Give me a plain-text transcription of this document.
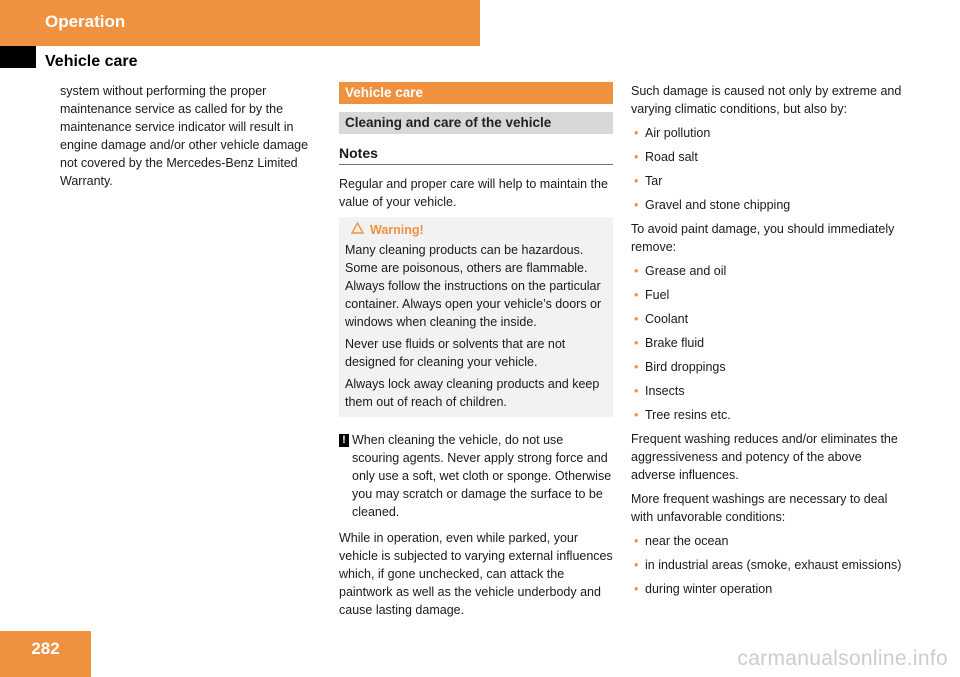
Operation
Vehicle care

system without performing the proper maintenance service as called for by the maintenance service indicator will result in engine damage and/or other vehicle damage not covered by the Mercedes-Benz Limited Warranty.

Vehicle care
Cleaning and care of the vehicle
Notes

Regular and proper care will help to maintain the value of your vehicle.

Warning!

Many cleaning products can be hazardous. Some are poisonous, others are flammable. Always follow the instructions on the particular container. Always open your vehicle’s doors or windows when cleaning the inside.

Never use fluids or solvents that are not designed for cleaning your vehicle.

Always lock away cleaning products and keep them out of reach of children.

! When cleaning the vehicle, do not use scouring agents. Never apply strong force and only use a soft, wet cloth or sponge. Otherwise you may scratch or damage the surface to be cleaned.

While in operation, even while parked, your vehicle is subjected to varying external influences which, if gone unchecked, can attack the paintwork as well as the vehicle underbody and cause lasting damage.

Such damage is caused not only by extreme and varying climatic conditions, but also by:

• Air pollution
• Road salt
• Tar
• Gravel and stone chipping

To avoid paint damage, you should immediately remove:

• Grease and oil
• Fuel
• Coolant
• Brake fluid
• Bird droppings
• Insects
• Tree resins etc.

Frequent washing reduces and/or eliminates the aggressiveness and potency of the above adverse influences.

More frequent washings are necessary to deal with unfavorable conditions:

• near the ocean
• in industrial areas (smoke, exhaust emissions)
• during winter operation
282	carmanualsonline.info
